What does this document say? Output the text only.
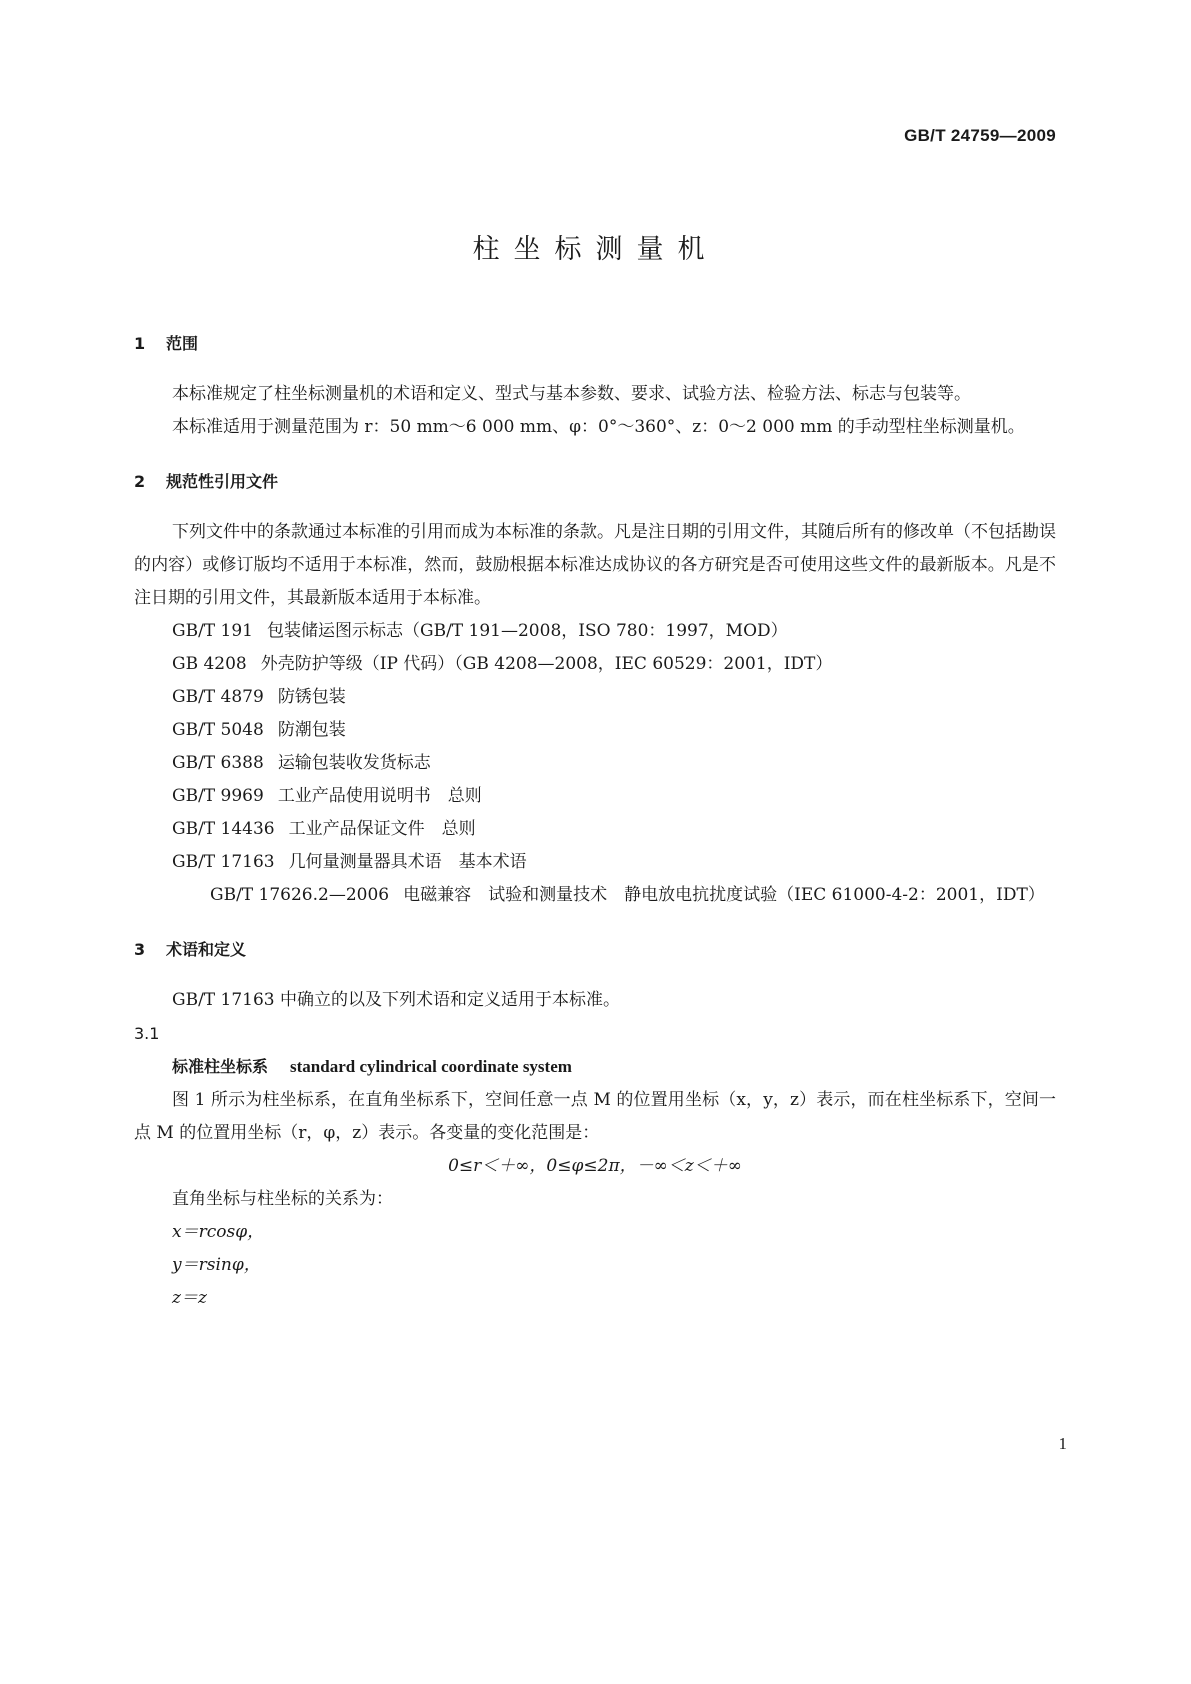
GB/T 24759—2009
柱坐标测量机
1 范围

本标准规定了柱坐标测量机的术语和定义、型式与基本参数、要求、试验方法、检验方法、标志与包装等。

本标准适用于测量范围为 r：50 mm～6 000 mm、φ：0°～360°、z：0～2 000 mm 的手动型柱坐标测量机。

2 规范性引用文件

下列文件中的条款通过本标准的引用而成为本标准的条款。凡是注日期的引用文件，其随后所有的修改单（不包括勘误的内容）或修订版均不适用于本标准，然而，鼓励根据本标准达成协议的各方研究是否可使用这些文件的最新版本。凡是不注日期的引用文件，其最新版本适用于本标准。

GB/T 191 包装储运图示标志（GB/T 191—2008，ISO 780：1997，MOD）

GB 4208 外壳防护等级（IP 代码）（GB 4208—2008，IEC 60529：2001，IDT）

GB/T 4879 防锈包装

GB/T 5048 防潮包装

GB/T 6388 运输包装收发货标志

GB/T 9969 工业产品使用说明书　总则

GB/T 14436 工业产品保证文件　总则

GB/T 17163 几何量测量器具术语　基本术语

GB/T 17626.2—2006 电磁兼容　试验和测量技术　静电放电抗扰度试验（IEC 61000-4-2：2001，IDT）

3 术语和定义

GB/T 17163 中确立的以及下列术语和定义适用于本标准。

3.1

标准柱坐标系 standard cylindrical coordinate system

图 1 所示为柱坐标系，在直角坐标系下，空间任意一点 M 的位置用坐标（x，y，z）表示，而在柱坐标系下，空间一点 M 的位置用坐标（r，φ，z）表示。各变量的变化范围是：

0≤r＜＋∞，0≤φ≤2π，－∞＜z＜＋∞

直角坐标与柱坐标的关系为：

x＝rcosφ，

y＝rsinφ，

z＝z

1
